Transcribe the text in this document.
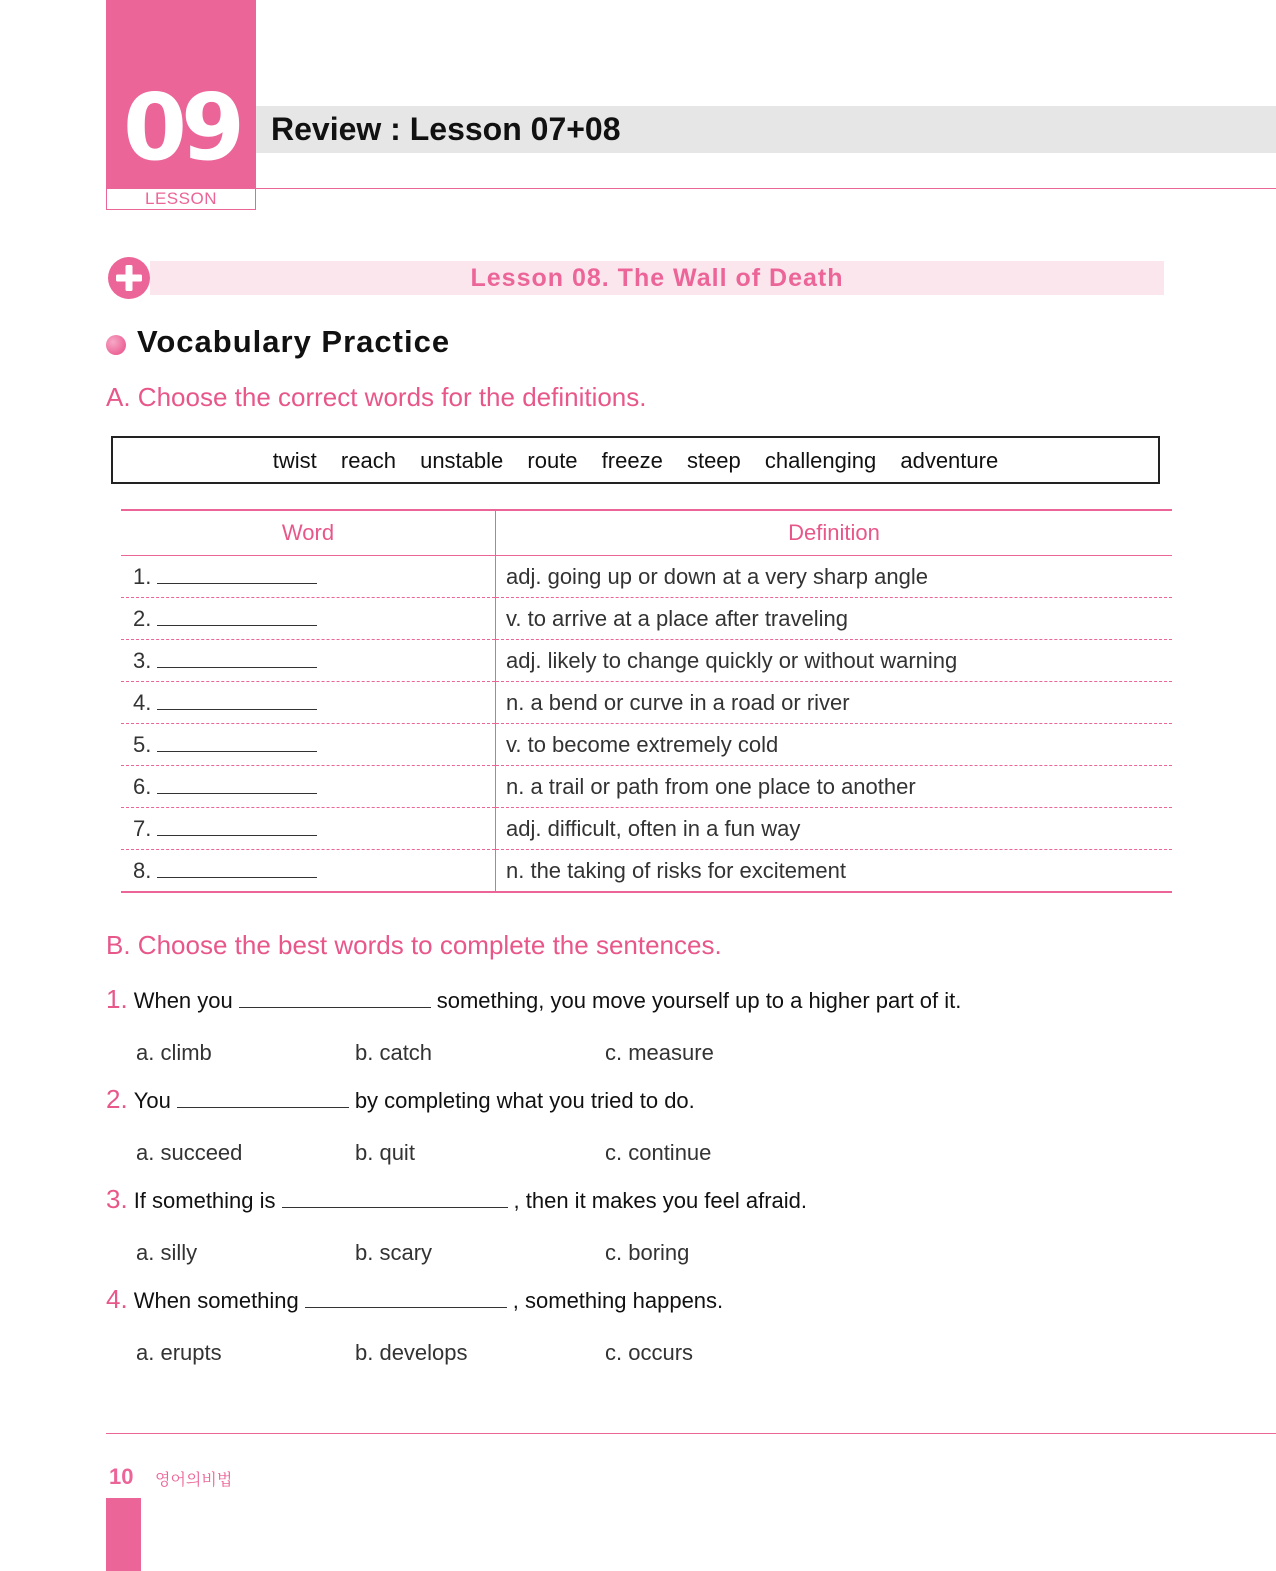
09
LESSON
Review : Lesson 07+08
Lesson 08. The Wall of Death
Vocabulary Practice
A. Choose the correct words for the definitions.
twist reach unstable route freeze steep challenging adventure
Word	Definition
1.	adj. going up or down at a very sharp angle
2.	v. to arrive at a place after traveling
3.	adj. likely to change quickly or without warning
4.	n. a bend or curve in a road or river
5.	v. to become extremely cold
6.	n. a trail or path from one place to another
7.	adj. difficult, often in a fun way
8.	n. the taking of risks for excitement
B. Choose the best words to complete the sentences.
1. When you	something, you move yourself up to a higher part of it.
a. climb	b. catch	c. measure
2. You	by completing what you tried to do.
a. succeed	b. quit	c. continue
3. If something is	, then it makes you feel afraid.
a. silly	b. scary	c. boring
4. When something	, something happens.
a. erupts	b. develops	c. occurs
10 영어의비법
